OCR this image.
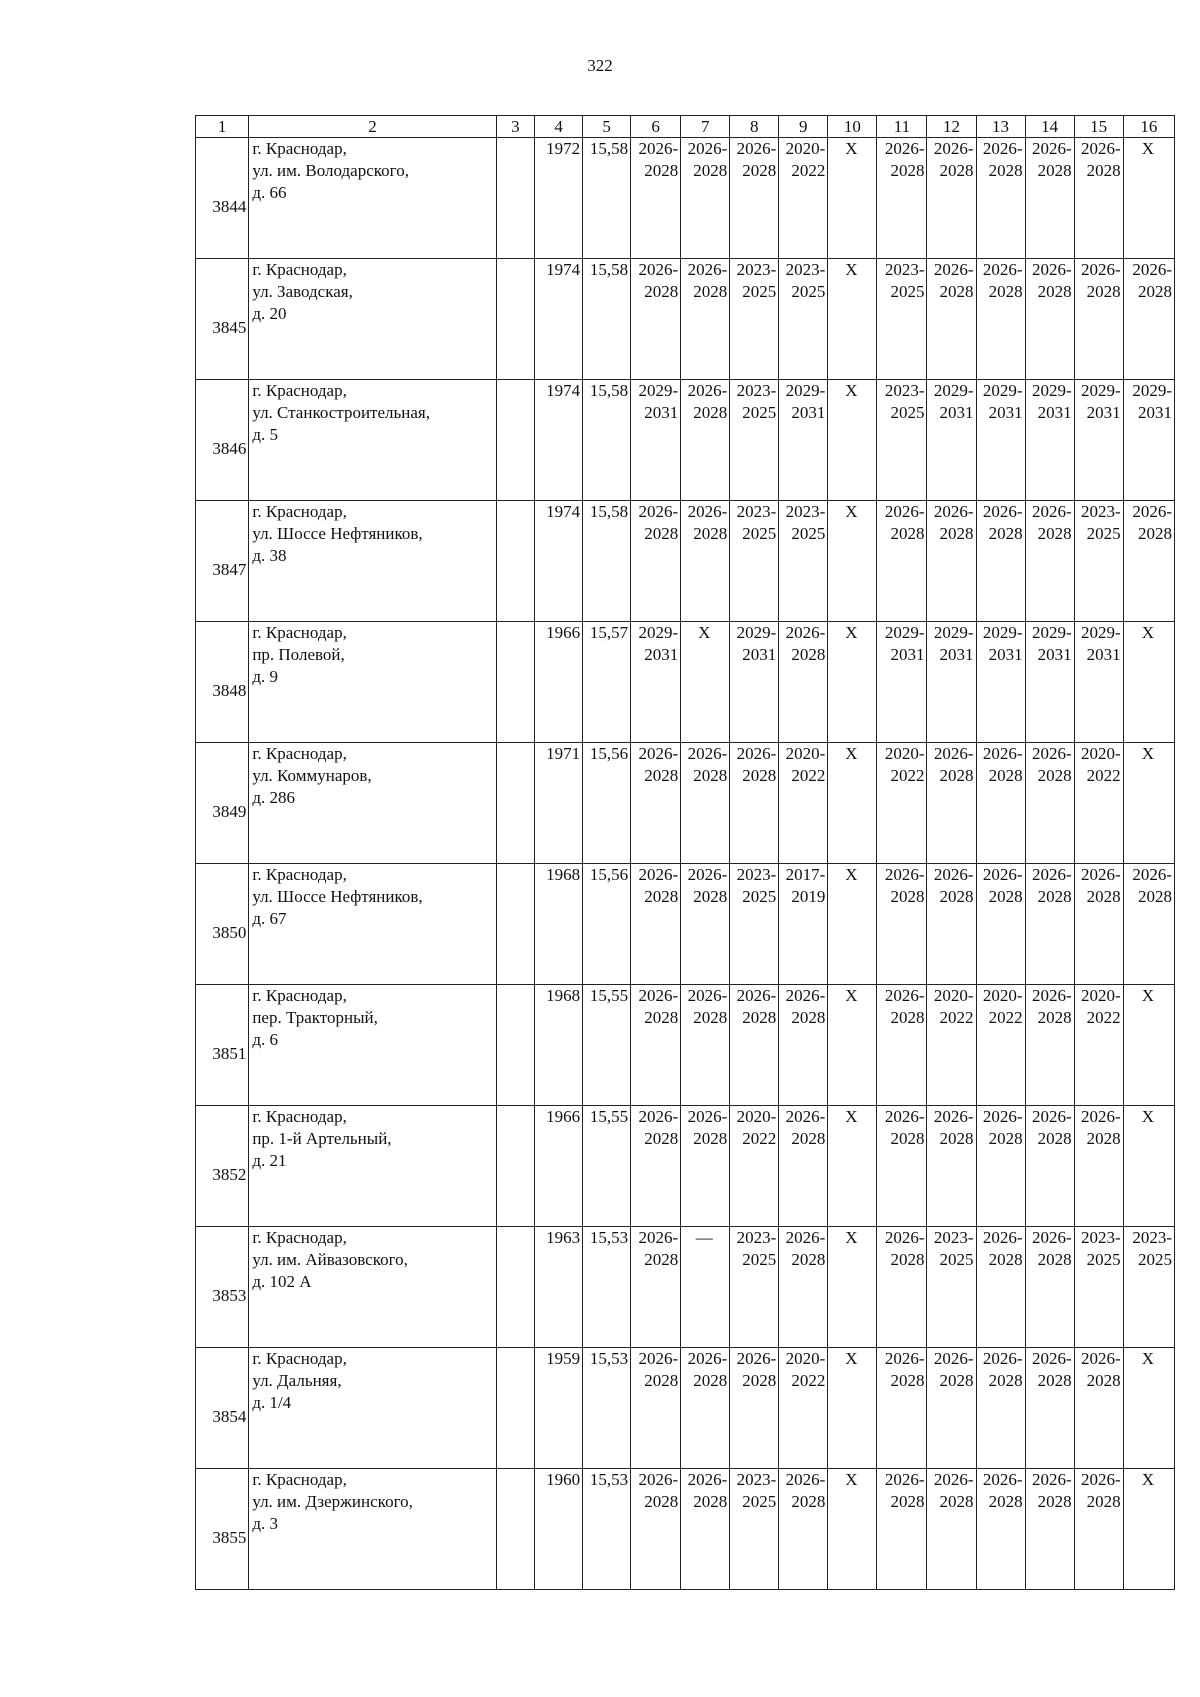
322
1	2	3	4	5	6	7	8	9	10	11	12	13	14	15	16

3844	г. Краснодар,
ул. им. Володарского,
д. 66		1972	15,58	2026-
2028	2026-
2028	2026-
2028	2020-
2022	X	2026-
2028	2026-
2028	2026-
2028	2026-
2028	2026-
2028	X

3845	г. Краснодар,
ул. Заводская,
д. 20		1974	15,58	2026-
2028	2026-
2028	2023-
2025	2023-
2025	X	2023-
2025	2026-
2028	2026-
2028	2026-
2028	2026-
2028	2026-
2028

3846	г. Краснодар,
ул. Станкостроительная,
д. 5		1974	15,58	2029-
2031	2026-
2028	2023-
2025	2029-
2031	X	2023-
2025	2029-
2031	2029-
2031	2029-
2031	2029-
2031	2029-
2031

3847	г. Краснодар,
ул. Шоссе Нефтяников,
д. 38		1974	15,58	2026-
2028	2026-
2028	2023-
2025	2023-
2025	X	2026-
2028	2026-
2028	2026-
2028	2026-
2028	2023-
2025	2026-
2028

3848	г. Краснодар,
пр. Полевой,
д. 9		1966	15,57	2029-
2031	X	2029-
2031	2026-
2028	X	2029-
2031	2029-
2031	2029-
2031	2029-
2031	2029-
2031	X

3849	г. Краснодар,
ул. Коммунаров,
д. 286		1971	15,56	2026-
2028	2026-
2028	2026-
2028	2020-
2022	X	2020-
2022	2026-
2028	2026-
2028	2026-
2028	2020-
2022	X

3850	г. Краснодар,
ул. Шоссе Нефтяников,
д. 67		1968	15,56	2026-
2028	2026-
2028	2023-
2025	2017-
2019	X	2026-
2028	2026-
2028	2026-
2028	2026-
2028	2026-
2028	2026-
2028

3851	г. Краснодар,
пер. Тракторный,
д. 6		1968	15,55	2026-
2028	2026-
2028	2026-
2028	2026-
2028	X	2026-
2028	2020-
2022	2020-
2022	2026-
2028	2020-
2022	X

3852	г. Краснодар,
пр. 1-й Артельный,
д. 21		1966	15,55	2026-
2028	2026-
2028	2020-
2022	2026-
2028	X	2026-
2028	2026-
2028	2026-
2028	2026-
2028	2026-
2028	X

3853	г. Краснодар,
ул. им. Айвазовского,
д. 102 А		1963	15,53	2026-
2028	—	2023-
2025	2026-
2028	X	2026-
2028	2023-
2025	2026-
2028	2026-
2028	2023-
2025	2023-
2025

3854	г. Краснодар,
ул. Дальняя,
д. 1/4		1959	15,53	2026-
2028	2026-
2028	2026-
2028	2020-
2022	X	2026-
2028	2026-
2028	2026-
2028	2026-
2028	2026-
2028	X

3855	г. Краснодар,
ул. им. Дзержинского,
д. 3		1960	15,53	2026-
2028	2026-
2028	2023-
2025	2026-
2028	X	2026-
2028	2026-
2028	2026-
2028	2026-
2028	2026-
2028	X
